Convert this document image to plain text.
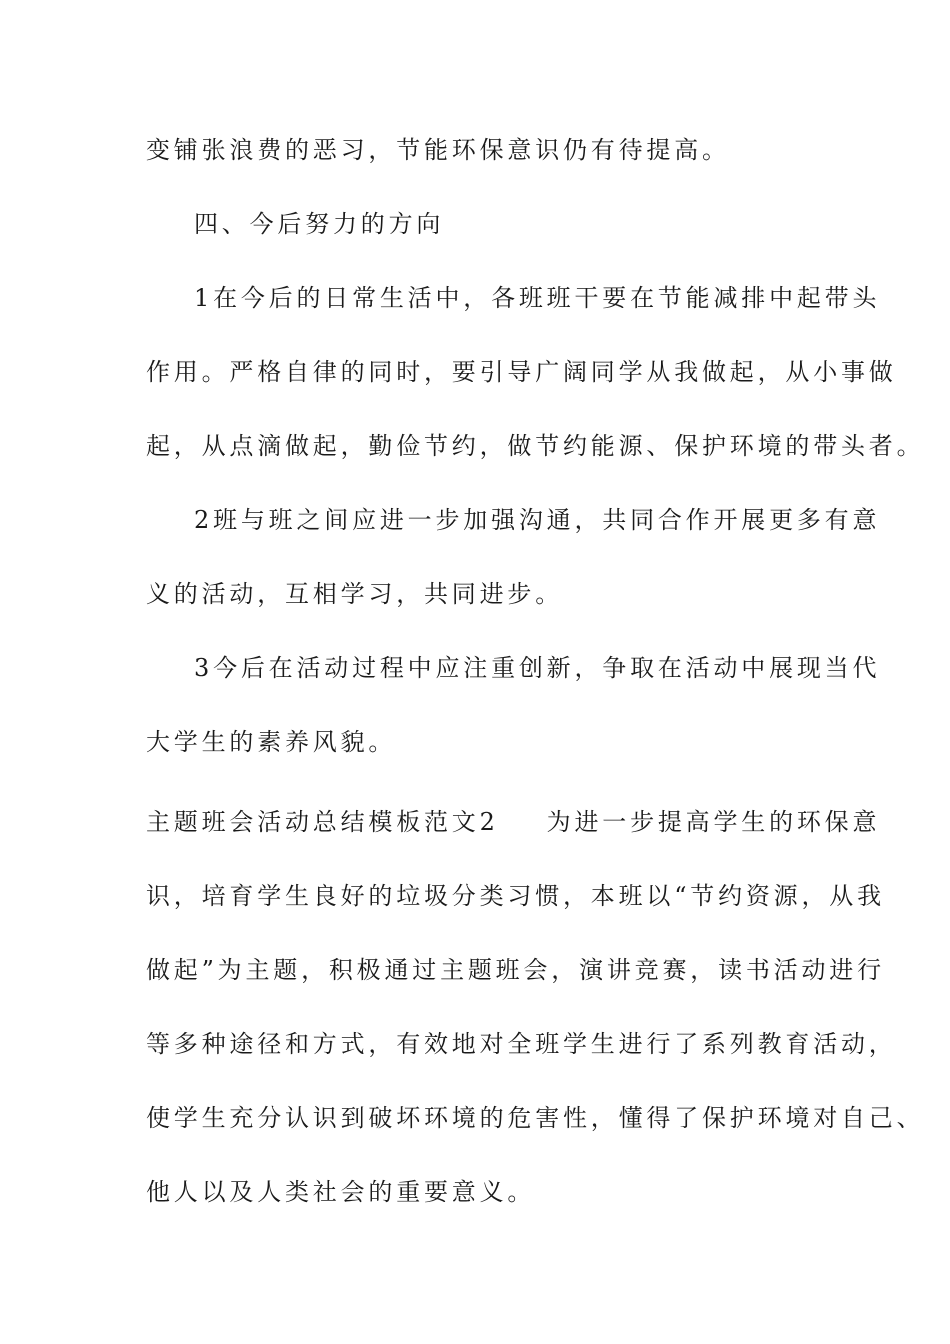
变铺张浪费的恶习，节能环保意识仍有待提高。
四、今后努力的方向
1在今后的日常生活中，各班班干要在节能减排中起带头
作用。严格自律的同时，要引导广阔同学从我做起，从小事做
起，从点滴做起，勤俭节约，做节约能源、保护环境的带头者。
2班与班之间应进一步加强沟通，共同合作开展更多有意
义的活动，互相学习，共同进步。
3今后在活动过程中应注重创新，争取在活动中展现当代
大学生的素养风貌。
主题班会活动总结模板范文2 为进一步提高学生的环保意
识，培育学生良好的垃圾分类习惯，本班以“节约资源，从我
做起”为主题，积极通过主题班会，演讲竞赛，读书活动进行
等多种途径和方式，有效地对全班学生进行了系列教育活动，
使学生充分认识到破坏环境的危害性，懂得了保护环境对自己、
他人以及人类社会的重要意义。
